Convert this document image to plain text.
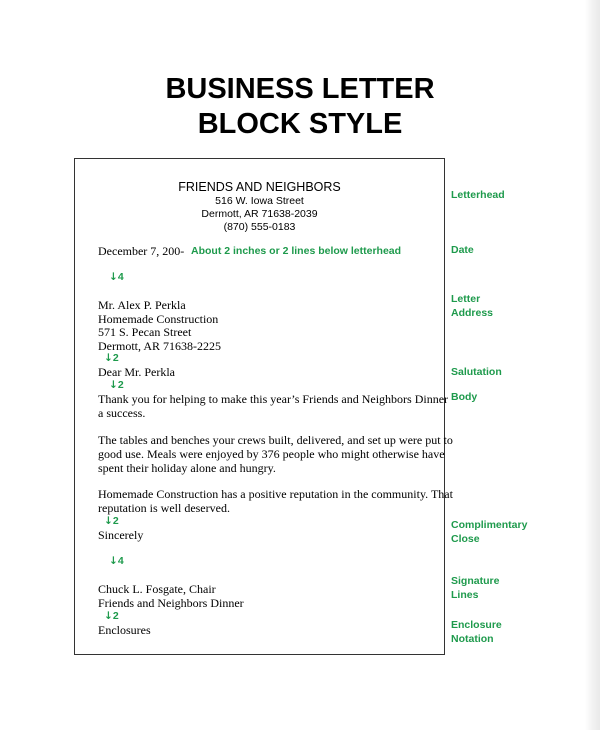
BUSINESS LETTER
BLOCK STYLE
FRIENDS AND NEIGHBORS
516 W. Iowa Street
Dermott, AR 71638-2039
(870) 555-0183
December 7, 200- About 2 inches or 2 lines below letterhead
↓4
Mr. Alex P. Perkla
Homemade Construction
571 S. Pecan Street
Dermott, AR 71638-2225
↓2
Dear Mr. Perkla
↓2
Thank you for helping to make this year’s Friends and Neighbors Dinner
a success.
The tables and benches your crews built, delivered, and set up were put to
good use. Meals were enjoyed by 376 people who might otherwise have
spent their holiday alone and hungry.
Homemade Construction has a positive reputation in the community. That
reputation is well deserved.
↓2
Sincerely
↓4
Chuck L. Fosgate, Chair
Friends and Neighbors Dinner
↓2
Enclosures
Letterhead
Date
Letter
Address
Salutation
Body
Complimentary
Close
Signature
Lines
Enclosure
Notation
